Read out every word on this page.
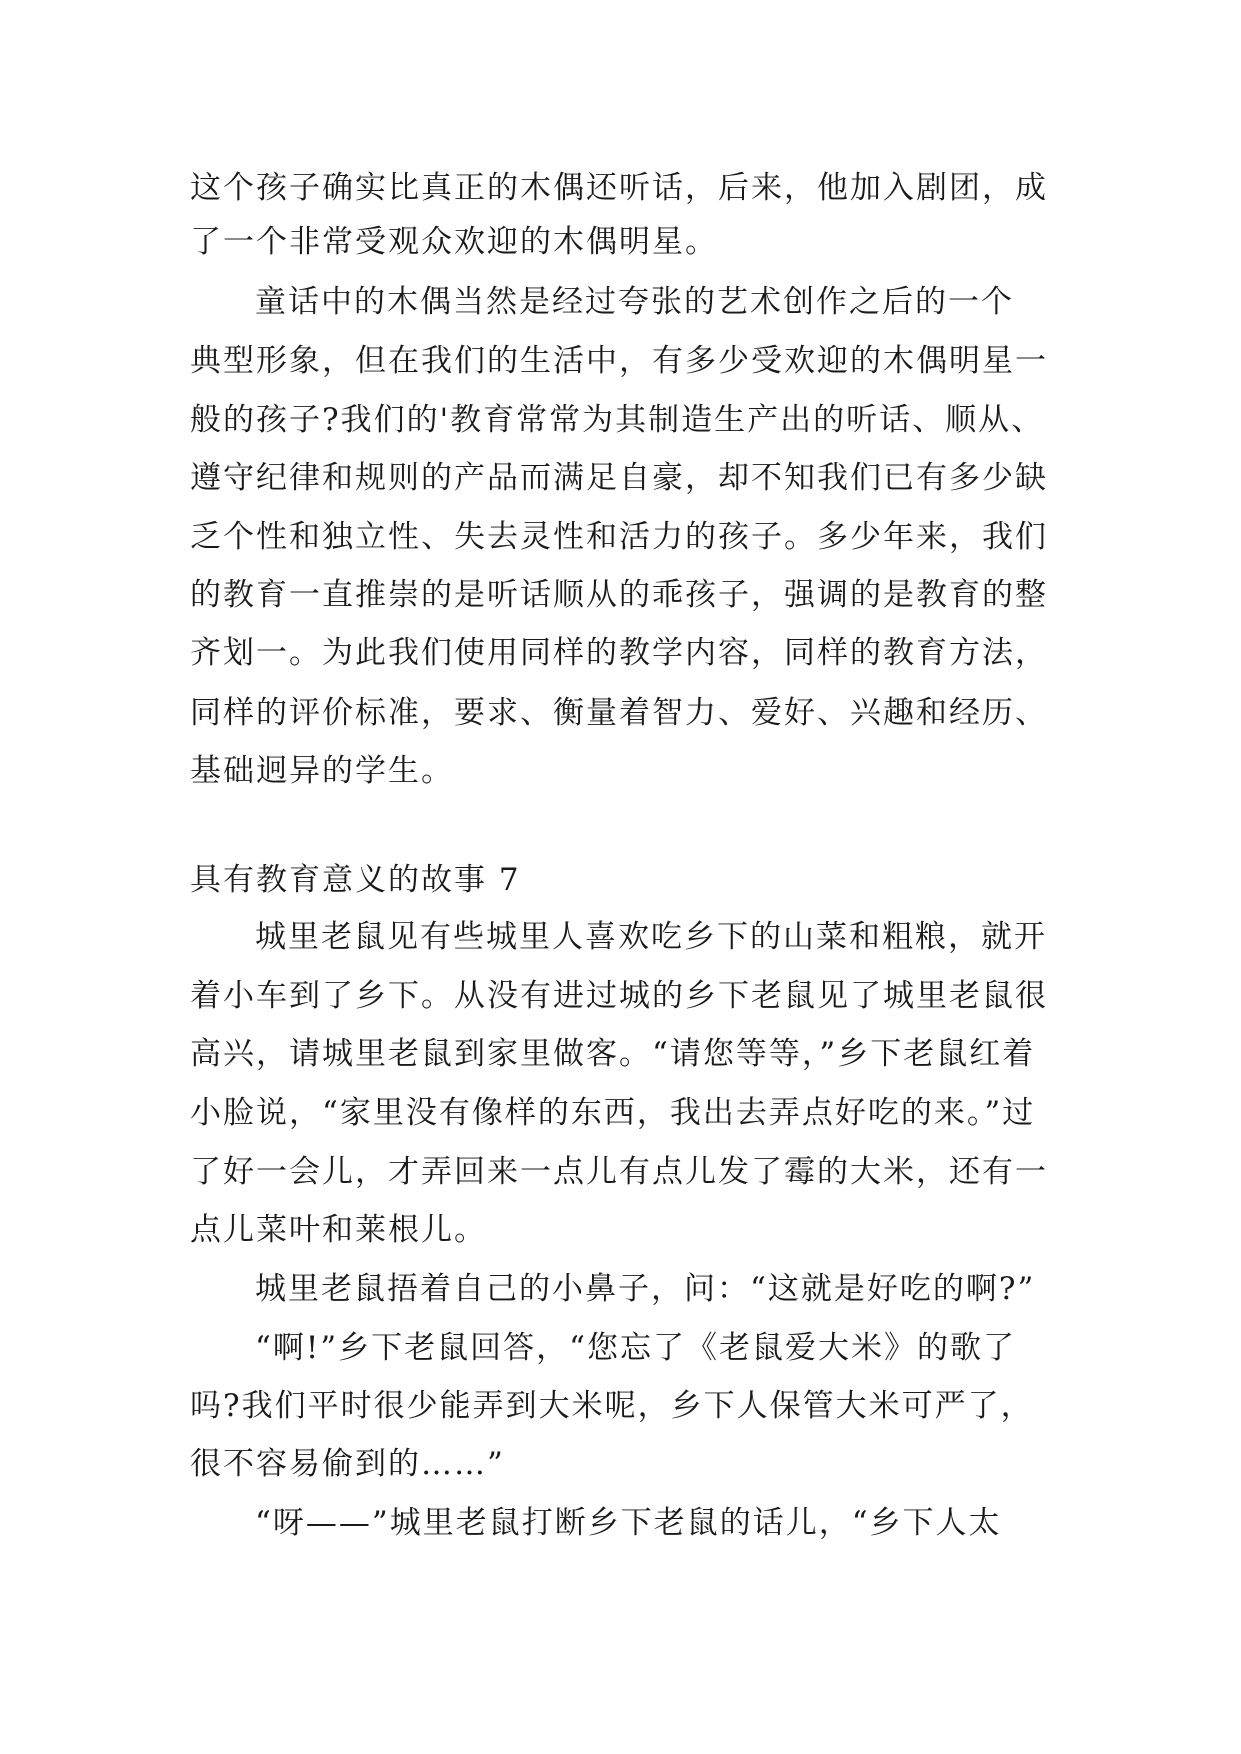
这个孩子确实比真正的木偶还听话，后来，他加入剧团，成
了一个非常受观众欢迎的木偶明星。
童话中的木偶当然是经过夸张的艺术创作之后的一个
典型形象，但在我们的生活中，有多少受欢迎的木偶明星一
般的孩子?我们的'教育常常为其制造生产出的听话、顺从、
遵守纪律和规则的产品而满足自豪，却不知我们已有多少缺
乏个性和独立性、失去灵性和活力的孩子。多少年来，我们
的教育一直推崇的是听话顺从的乖孩子，强调的是教育的整
齐划一。为此我们使用同样的教学内容，同样的教育方法，
同样的评价标准，要求、衡量着智力、爱好、兴趣和经历、
基础迥异的学生。
具有教育意义的故事 7
城里老鼠见有些城里人喜欢吃乡下的山菜和粗粮，就开
着小车到了乡下。从没有进过城的乡下老鼠见了城里老鼠很
高兴，请城里老鼠到家里做客。“请您等等，”乡下老鼠红着
小脸说，“家里没有像样的东西，我出去弄点好吃的来。”过
了好一会儿，才弄回来一点儿有点儿发了霉的大米，还有一
点儿菜叶和莱根儿。
城里老鼠捂着自己的小鼻子，问：“这就是好吃的啊?”
“啊!”乡下老鼠回答，“您忘了《老鼠爱大米》的歌了
吗?我们平时很少能弄到大米呢，乡下人保管大米可严了，
很不容易偷到的……”
“呀——”城里老鼠打断乡下老鼠的话儿，“乡下人太
